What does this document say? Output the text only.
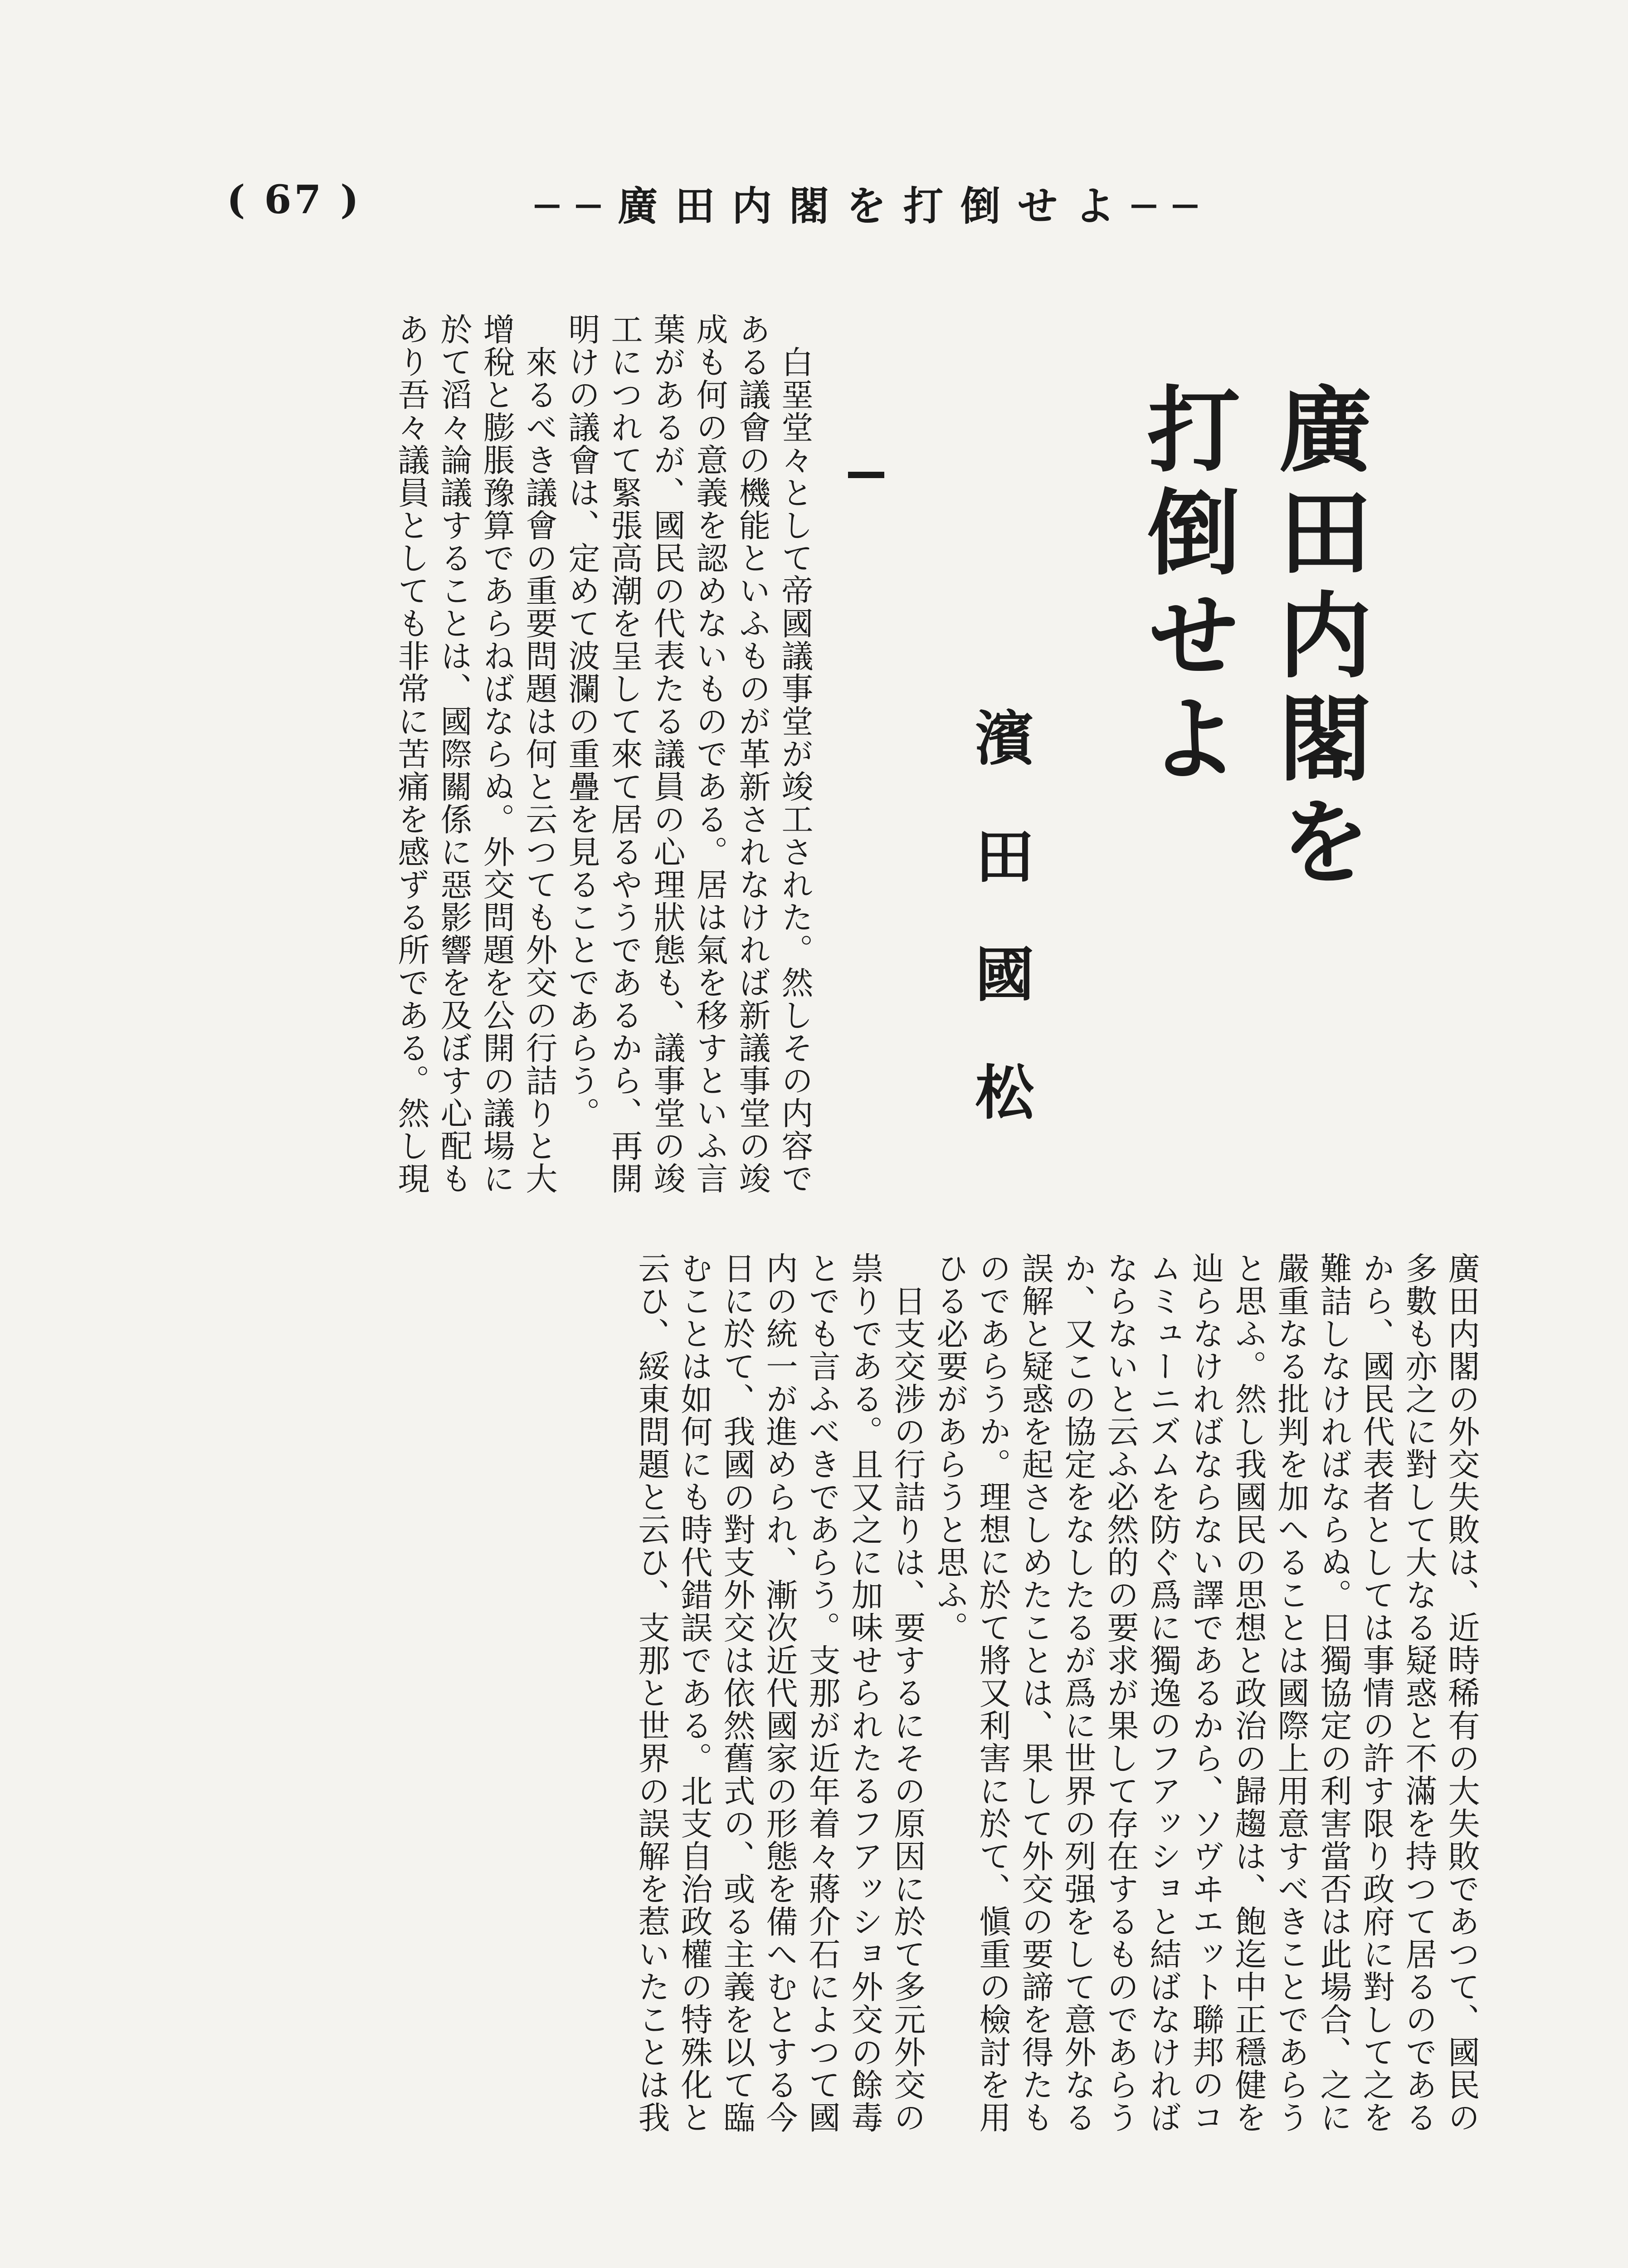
( 67 )	──廣田内閣を打倒せよ──
廣田内閣を
打倒せよ
濱田國松
　白堊堂々として帝國議事堂が竣工された。然しその内容で
ある議會の機能といふものが革新されなければ新議事堂の竣
成も何の意義を認めないものである。居は氣を移すといふ言
葉があるが、國民の代表たる議員の心理狀態も、議事堂の竣
工につれて緊張高潮を呈して來て居るやうであるから、再開
明けの議會は、定めて波瀾の重疊を見ることであらう。
　來るべき議會の重要問題は何と云つても外交の行詰りと大
增稅と膨脹豫算であらねばならぬ。外交問題を公開の議場に
於て滔々論議することは、國際關係に惡影響を及ぼす心配も
あり吾々議員としても非常に苦痛を感ずる所である。然し現
廣田内閣の外交失敗は、近時稀有の大失敗であつて、國民の
多數も亦之に對して大なる疑惑と不滿を持つて居るのである
から、國民代表者としては事情の許す限り政府に對して之を
難詰しなければならぬ。日獨協定の利害當否は此場合、之に
嚴重なる批判を加へることは國際上用意すべきことであらう
と思ふ。然し我國民の思想と政治の歸趨は、飽迄中正穩健を
辿らなければならない譯であるから、ソヴヰエット聯邦のコ
ムミューニズムを防ぐ爲に獨逸のフアッショと結ばなければ
ならないと云ふ必然的の要求が果して存在するものであらう
か、又この協定をなしたるが爲に世界の列强をして意外なる
誤解と疑惑を起さしめたことは、果して外交の要諦を得たも
のであらうか。理想に於て將又利害に於て、愼重の檢討を用
ひる必要があらうと思ふ。
　日支交涉の行詰りは、要するにその原因に於て多元外交の
祟りである。且又之に加味せられたるフアッショ外交の餘毒
とでも言ふべきであらう。支那が近年着々蔣介石によつて國
内の統一が進められ、漸次近代國家の形態を備へむとする今
日に於て、我國の對支外交は依然舊式の、或る主義を以て臨
むことは如何にも時代錯誤である。北支自治政權の特殊化と
云ひ、綏東問題と云ひ、支那と世界の誤解を惹いたことは我
